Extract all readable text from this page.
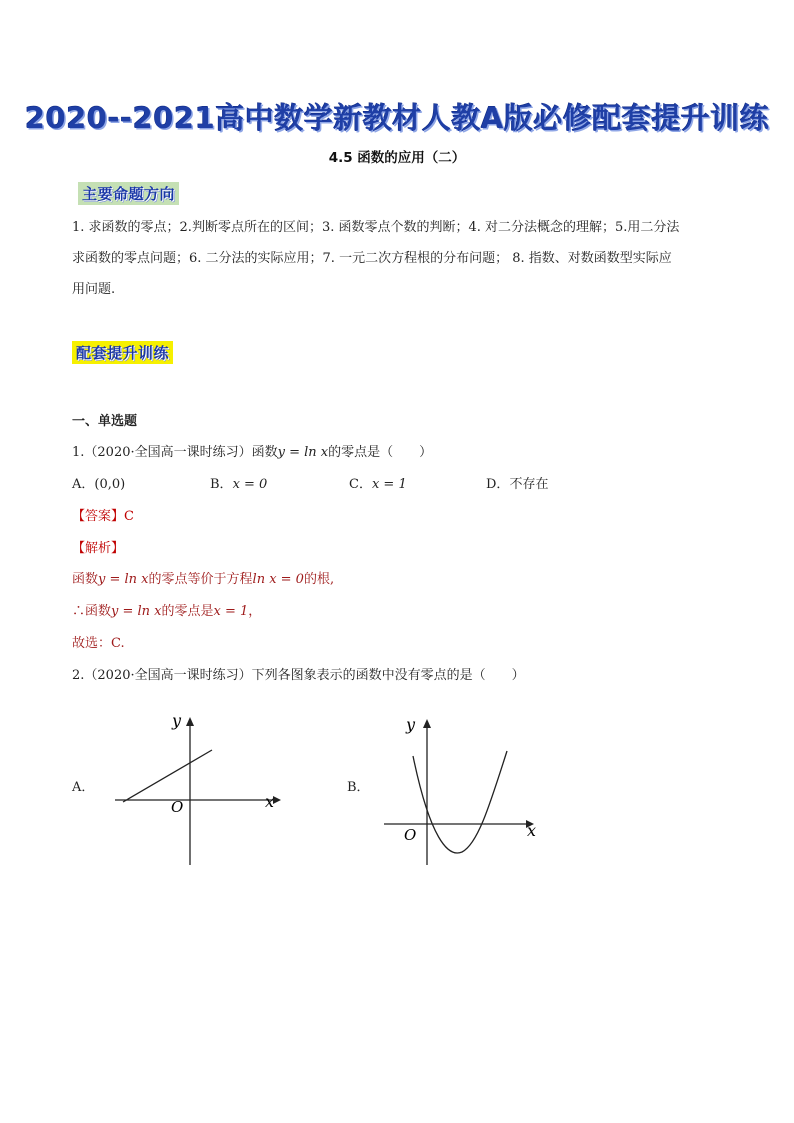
2020--2021高中数学新教材人教A版必修配套提升训练
4.5 函数的应用（二）
主要命题方向
1. 求函数的零点；2.判断零点所在的区间；3. 函数零点个数的判断；4. 对二分法概念的理解；5.用二分法
求函数的零点问题；6. 二分法的实际应用；7. 一元二次方程根的分布问题； 8. 指数、对数函数型实际应
用问题.
配套提升训练
一、单选题
1.（2020·全国高一课时练习）函数y = ln x的零点是（　　）
A．(0,0)	B．x = 0	C．x = 1	D．不存在
【答案】C
【解析】
函数y = ln x的零点等价于方程ln x = 0的根,
∴函数y = ln x的零点是x = 1，
故选：C.
2.（2020·全国高一课时练习）下列各图象表示的函数中没有零点的是（　　）
A．	B．
x
y
O
x
y
O
